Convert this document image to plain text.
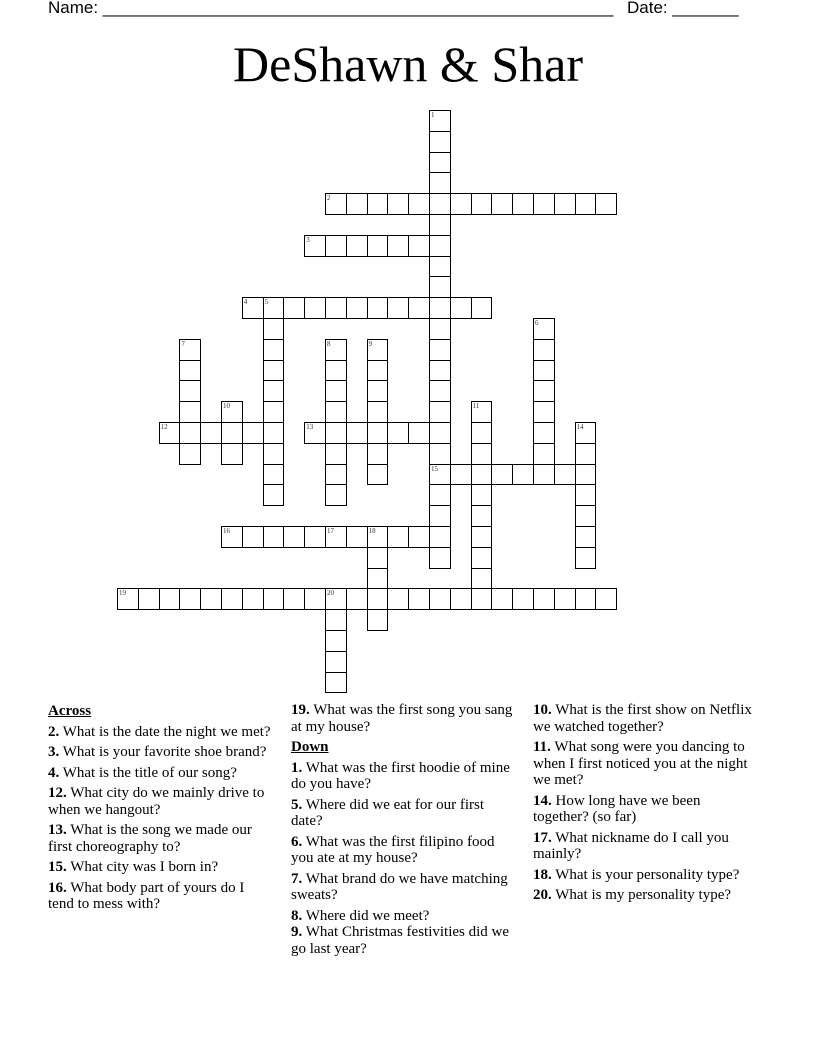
Name: ______________________________________________________ Date: _______
DeShawn & Shar
1
15
2
3
4 5
6
7	8	9
10	11
12	13	14
16	17	18
19	20
Across
2. What is the date the night we met?
3. What is your favorite shoe brand?
4. What is the title of our song?
12. What city do we mainly drive to when we hangout?
13. What is the song we made our first choreography to?
15. What city was I born in?
16. What body part of yours do I tend to mess with?
19. What was the first song you sang at my house?
Down
1. What was the first hoodie of mine do you have?
5. Where did we eat for our first date?
6. What was the first filipino food you ate at my house?
7. What brand do we have matching sweats?
8. Where did we meet?
9. What Christmas festivities did we go last year?
10. What is the first show on Netflix we watched together?
11. What song were you dancing to when I first noticed you at the night we met?
14. How long have we been together? (so far)
17. What nickname do I call you mainly?
18. What is your personality type?
20. What is my personality type?
